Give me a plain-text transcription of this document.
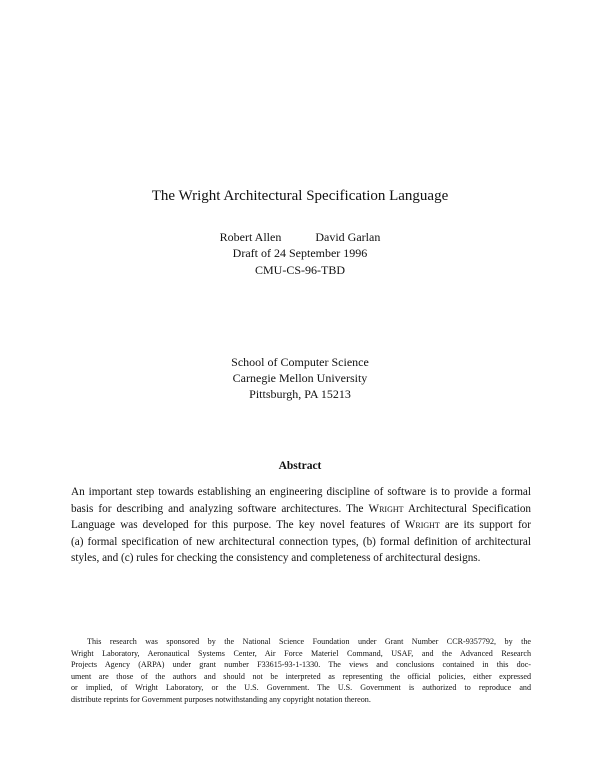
The Wright Architectural Specification Language
Robert Allen	David Garlan
Draft of 24 September 1996
CMU-CS-96-TBD
School of Computer Science
Carnegie Mellon University
Pittsburgh, PA 15213
Abstract
An important step towards establishing an engineering discipline of software is to provide a formal
basis for describing and analyzing software architectures. The Wright Architectural Specification
Language was developed for this purpose. The key novel features of Wright are its support for
(a) formal specification of new architectural connection types, (b) formal definition of architectural
styles, and (c) rules for checking the consistency and completeness of architectural designs.
This research was sponsored by the National Science Foundation under Grant Number CCR-9357792, by the
Wright Laboratory, Aeronautical Systems Center, Air Force Materiel Command, USAF, and the Advanced Research
Projects Agency (ARPA) under grant number F33615-93-1-1330. The views and conclusions contained in this doc-
ument are those of the authors and should not be interpreted as representing the official policies, either expressed
or implied, of Wright Laboratory, or the U.S. Government. The U.S. Government is authorized to reproduce and
distribute reprints for Government purposes notwithstanding any copyright notation thereon.
